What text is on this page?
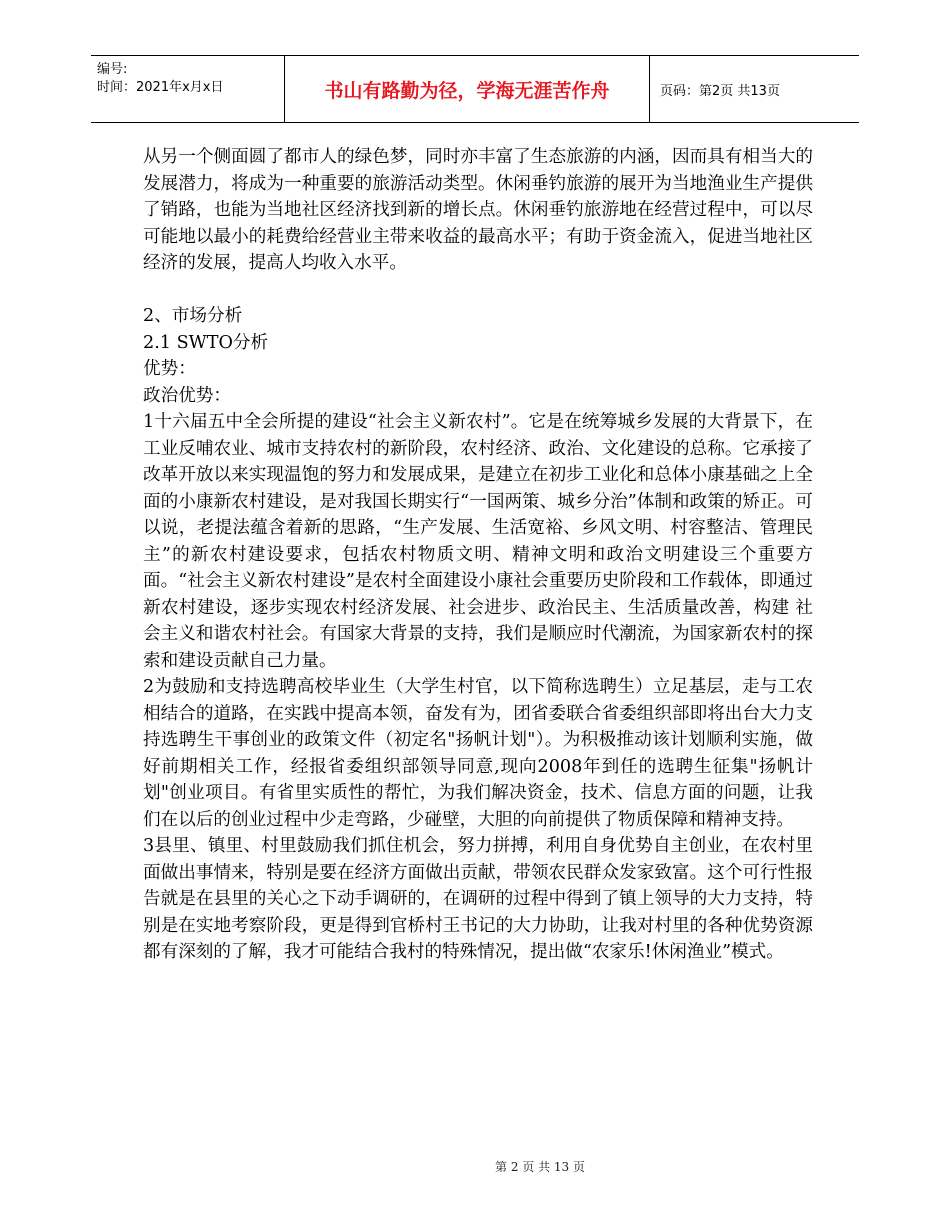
编号:
时间：2021年x月x日	书山有路勤为径，学海无涯苦作舟	页码：第2页 共13页

从另一个侧面圆了都市人的绿色梦，同时亦丰富了生态旅游的内涵，因而具有相当大的发展潜力，将成为一种重要的旅游活动类型。休闲垂钓旅游的展开为当地渔业生产提供了销路，也能为当地社区经济找到新的增长点。休闲垂钓旅游地在经营过程中，可以尽可能地以最小的耗费给经营业主带来收益的最高水平；有助于资金流入，促进当地社区经济的发展，提高人均收入水平。

2、市场分析

2.1 SWTO分析

优势：

政治优势：

1十六届五中全会所提的建设“社会主义新农村”。它是在统筹城乡发展的大背景下，在工业反哺农业、城市支持农村的新阶段，农村经济、政治、文化建设的总称。它承接了改革开放以来实现温饱的努力和发展成果，是建立在初步工业化和总体小康基础之上全面的小康新农村建设，是对我国长期实行“一国两策、城乡分治”体制和政策的矫正。可以说，老提法蕴含着新的思路，“生产发展、生活宽裕、乡风文明、村容整洁、管理民主”的新农村建设要求，包括农村物质文明、精神文明和政治文明建设三个重要方面。“社会主义新农村建设”是农村全面建设小康社会重要历史阶段和工作载体，即通过新农村建设，逐步实现农村经济发展、社会进步、政治民主、生活质量改善，构建 社会主义和谐农村社会。有国家大背景的支持，我们是顺应时代潮流，为国家新农村的探索和建设贡献自己力量。

2为鼓励和支持选聘高校毕业生（大学生村官，以下简称选聘生）立足基层，走与工农相结合的道路，在实践中提高本领，奋发有为，团省委联合省委组织部即将出台大力支持选聘生干事创业的政策文件（初定名"扬帆计划"）。为积极推动该计划顺利实施，做好前期相关工作，经报省委组织部领导同意,现向2008年到任的选聘生征集"扬帆计划"创业项目。有省里实质性的帮忙，为我们解决资金，技术、信息方面的问题，让我们在以后的创业过程中少走弯路，少碰壁，大胆的向前提供了物质保障和精神支持。

3县里、镇里、村里鼓励我们抓住机会，努力拼搏，利用自身优势自主创业，在农村里面做出事情来，特别是要在经济方面做出贡献，带领农民群众发家致富。这个可行性报告就是在县里的关心之下动手调研的，在调研的过程中得到了镇上领导的大力支持，特别是在实地考察阶段，更是得到官桥村王书记的大力协助，让我对村里的各种优势资源都有深刻的了解，我才可能结合我村的特殊情况，提出做“农家乐!休闲渔业”模式。

第 2 页 共 13 页
